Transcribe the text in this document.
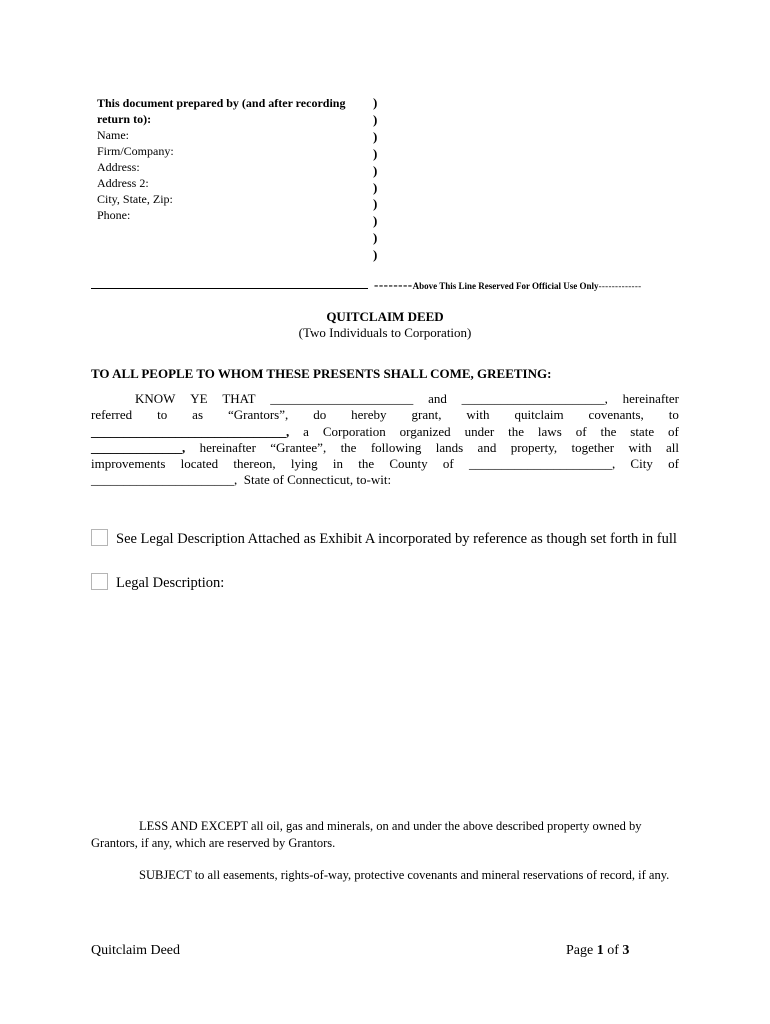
This document prepared by (and after recording
return to):
Name:
Firm/Company:
Address:
Address 2:
City, State, Zip:
Phone:
)
)
)
)
)
)
)
)
)
)
--------Above This Line Reserved For Official Use Only-------------
QUITCLAIM DEED
(Two Individuals to Corporation)
TO ALL PEOPLE TO WHOM THESE PRESENTS SHALL COME, GREETING:
KNOW YE THAT ______________________ and ______________________, hereinafter
referred to as “Grantors”, do hereby grant, with quitclaim covenants, to
______________________________, a Corporation organized under the laws of the state of
______________, hereinafter “Grantee”, the following lands and property, together with all
improvements located thereon, lying in the County of ______________________, City of
______________________,  State of Connecticut, to-wit:
See Legal Description Attached as Exhibit A incorporated by reference as though set forth in full
Legal Description:
LESS AND EXCEPT all oil, gas and minerals, on and under the above described property owned by Grantors, if any, which are reserved by Grantors.
SUBJECT to all easements, rights-of-way, protective covenants and mineral reservations of record, if any.
Quitclaim Deed	Page 1 of 3
